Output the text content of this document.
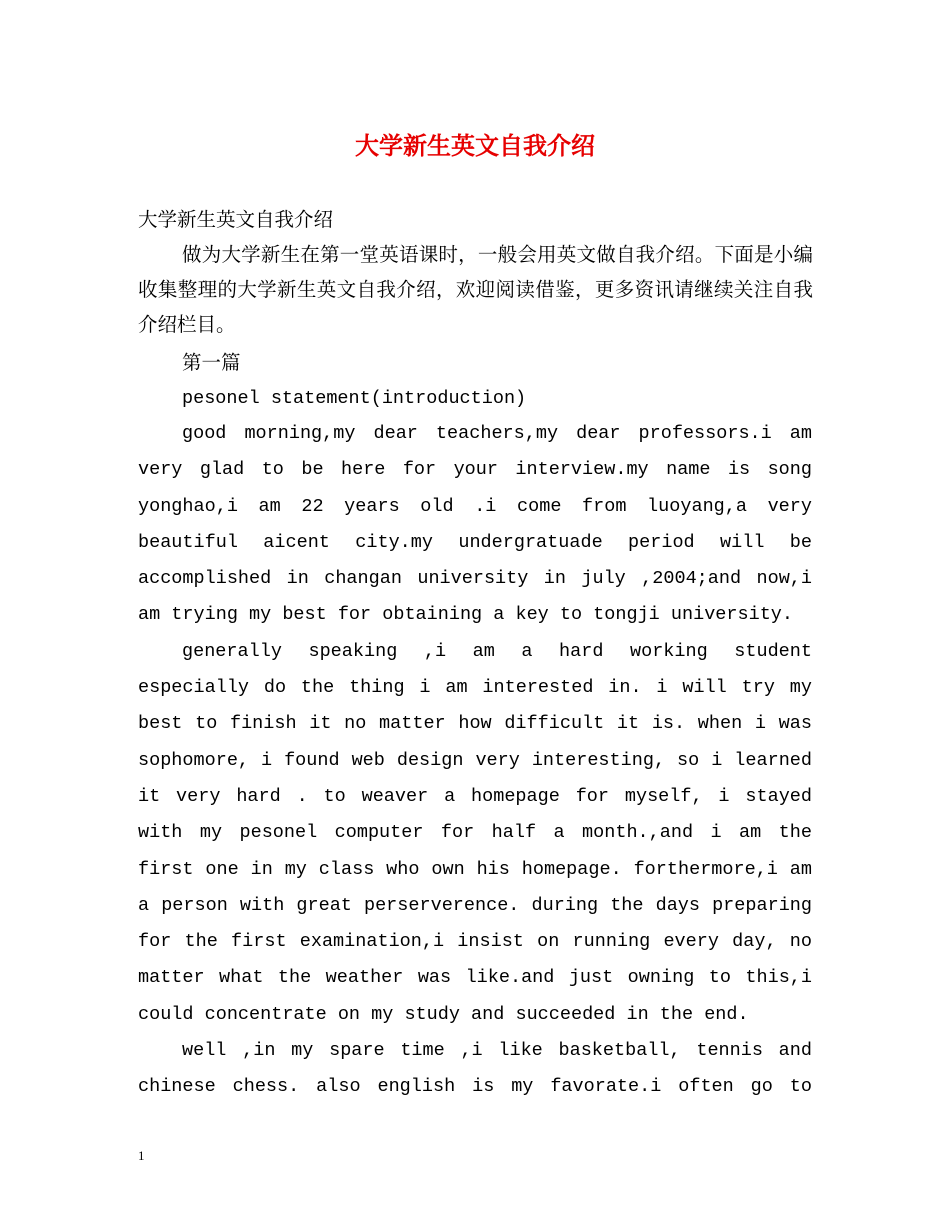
大学新生英文自我介绍

大学新生英文自我介绍

做为大学新生在第一堂英语课时，一般会用英文做自我介绍。下面是小编收集整理的大学新生英文自我介绍，欢迎阅读借鉴，更多资讯请继续关注自我介绍栏目。

第一篇
pesonel statement(introduction)

good morning,my dear teachers,my dear professors.i am very glad to be here for your interview.my name is song yonghao,i am 22 years old .i come from luoyang,a very beautiful aicent city.my undergratuade period will be accomplished in changan university in july ,2004;and now,i am trying my best for obtaining a key to tongji university.

generally speaking ,i am a hard working student especially do the thing i am interested in. i will try my best to finish it no matter how difficult it is. when i was sophomore, i found web design very interesting, so i learned it very hard . to weaver a homepage for myself, i stayed with my pesonel computer for half a month.,and i am the first one in my class who own his homepage. forthermore,i am a person with great perserverence. during the days preparing for the first examination,i insist on running every day, no matter what the weather was like.and just owning to this,i could concentrate on my study and succeeded in the end.

well ,in my spare time ,i like basketball, tennis and chinese chess. also english is my favorate.i often go to

1
